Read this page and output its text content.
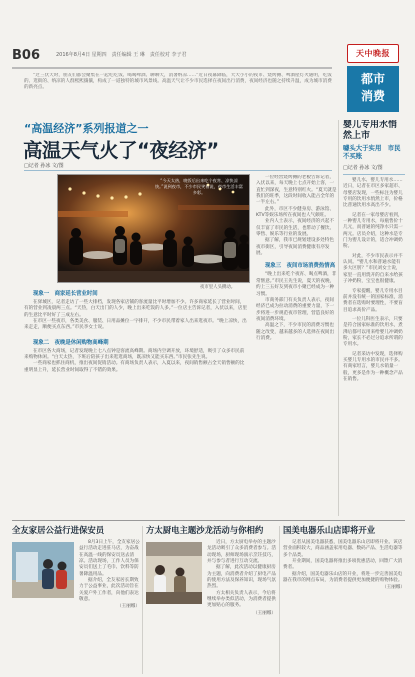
B06	2016年8月4日 星期四　责任编辑 王 琳　责任校对 李子君	天中晚报
都市
消费

“过三伏天时，朋友们都会聚集在一起吃吃饭、喝喝啤酒、聊聊天，消暑纳凉……”近日夜幕降临，大大小小的夜市、烧烤摊、啤酒屋灯火通明，吃饭的、逛街的、纳凉的人群熙熙攘攘，构成了一道独特的城市风景线。高温天气让不少市民选择在夜间出行消费，夜间经济也随之持续升温，成为城市消费的新亮点。

“高温经济”系列报道之一
高温天气火了“夜经济”
□记者 孙冰 文/图

“今天太热，晚饭后出来吃个夜宵、凉快凉快。”说到夜市，不少市民笑着说，夜市生活丰富多彩。

夜市里人头攒动。

一位经营烧烤摊的老板告诉记者，入伏以来，每天晚上七点开始上客，一直忙到深夜，生意特别红火。“夏天就是我们的旺季，这段时间收入能占全年的一半左右。”

此外，市区不少健身房、游泳馆、KTV等娱乐场所在夜间也人气颇旺。

业内人士表示，夜间经济的兴起不仅丰富了市民的生活，也带动了餐饮、零售、娱乐等行业的发展。

据了解，我市已规划建设多处特色夜市街区，引导夜间消费健康有序发展。

现象三　夜间市场消费热情高

“晚上出来吃个夜宵、喝点啤酒，非常惬意。”市民王先生说，夏天的夜晚，约上三五好友到夜市小聚已经成为一种习惯。

市商务部门有关负责人表示，夜间经济已成为拉动消费的重要力量，下一步将进一步规范夜市管理，营造良好的夜间消费环境。

高温之下，不少市民的消费习惯也随之改变，越来越多的人选择在夜间出行消费。

现象一　商家延长营业时间

在驿城区，记者走访了一些大排档，发现各家店铺的客流量比平时增加不少。许多商家延长了营业时间，有的营业到凌晨两三点。“天热，白天出门的人少，晚上出来吃饭的人多。”一位店主告诉记者，入伏以来，店里的生意比平时好了三成左右。

在市区一些夜市，各类美食、服装、日用品摊位一字排开，不少市民带着家人出来逛夜市。“晚上凉快，出来走走，顺便买点东西。”市民李女士说。

现象二　夜晚是休闲购物高峰期

在市区各大商场，记者发现晚上七八点钟是客流高峰期。商场内空调开放，环境舒适，吸引了众多市民前来购物休闲。“白天太热，下班后陪孩子出来逛逛商场，既凉快又能买东西。”市民张先生说。

一些商家也抓住商机，推出夜间促销活动。有商场负责人表示，入夏以来，夜间销售额占全天销售额的比重明显上升，延长营业时间取得了不错的效果。

婴儿专用水悄然上市
噱头大于实用　市民不买账
□记者 孙冰 文/图

婴儿水、婴儿专用水……近日，记者在市区多家超市、母婴店发现，一些标注为婴儿专用的饮用水悄然上市，价格比普通饮用水高出不少。

记者在一家母婴店看到，一种婴儿专用水，每瓶售价十几元，而普通的纯净水只需一两元。店员介绍，这种水是专门为婴儿设计的，适合冲调奶粉。

对此，不少市民表示并不认同。“婴儿水和普通水能有多大区别？”市民刘女士说，家里一直用烧开的自来水给孩子冲奶粉，宝宝也很健康。

专家提醒，婴儿专用水目前并没有统一的国家标准，消费者在选购时要理性，不要盲目追求高价产品。

一位儿科医生表示，只要是符合国家标准的饮用水，煮沸后都可以用来给婴儿冲调奶粉，家长不必过分追求所谓的专用水。

记者采访中发现，选择购买婴儿专用水的市民并不多。有商家坦言，婴儿水销量一般，更多是作为一种概念产品在销售。

全友家居公益行进保安员

8月3日上午，全友家居公益行活动走进驻马店，为奋战在高温一线的保安员送去清凉。活动现场，工作人员为保安员们送上了毛巾、饮料等防暑降温用品。

据介绍，全友家居长期致力于公益事业，此次活动旨在关爱户外工作者，向他们表达敬意。

（王丽娜）

方太厨电主题沙龙活动与你相约

近日，方太厨电举办的主题沙龙活动吸引了众多消费者参与。活动现场，厨师现场演示烹饪技巧，并与参与者进行互动交流。

据了解，此次活动以健康厨房为主题，向消费者介绍了厨电产品的使用方法及保养知识，现场气氛热烈。

方太相关负责人表示，今后将继续举办类似活动，为消费者提供更加贴心的服务。

（王丽娜）

国美电器乐山店即将开业

记者从国美电器获悉，国美电器乐山店即将开业。该店营业面积较大，商品涵盖家用电器、数码产品、生活电器等多个品类。

开业期间，国美电器将推出多项优惠活动，回馈广大消费者。

据介绍，国美电器乐山店的开业，将进一步完善国美电器在我市的网点布局，为消费者提供更加便捷的购物体验。

（王丽娜）
